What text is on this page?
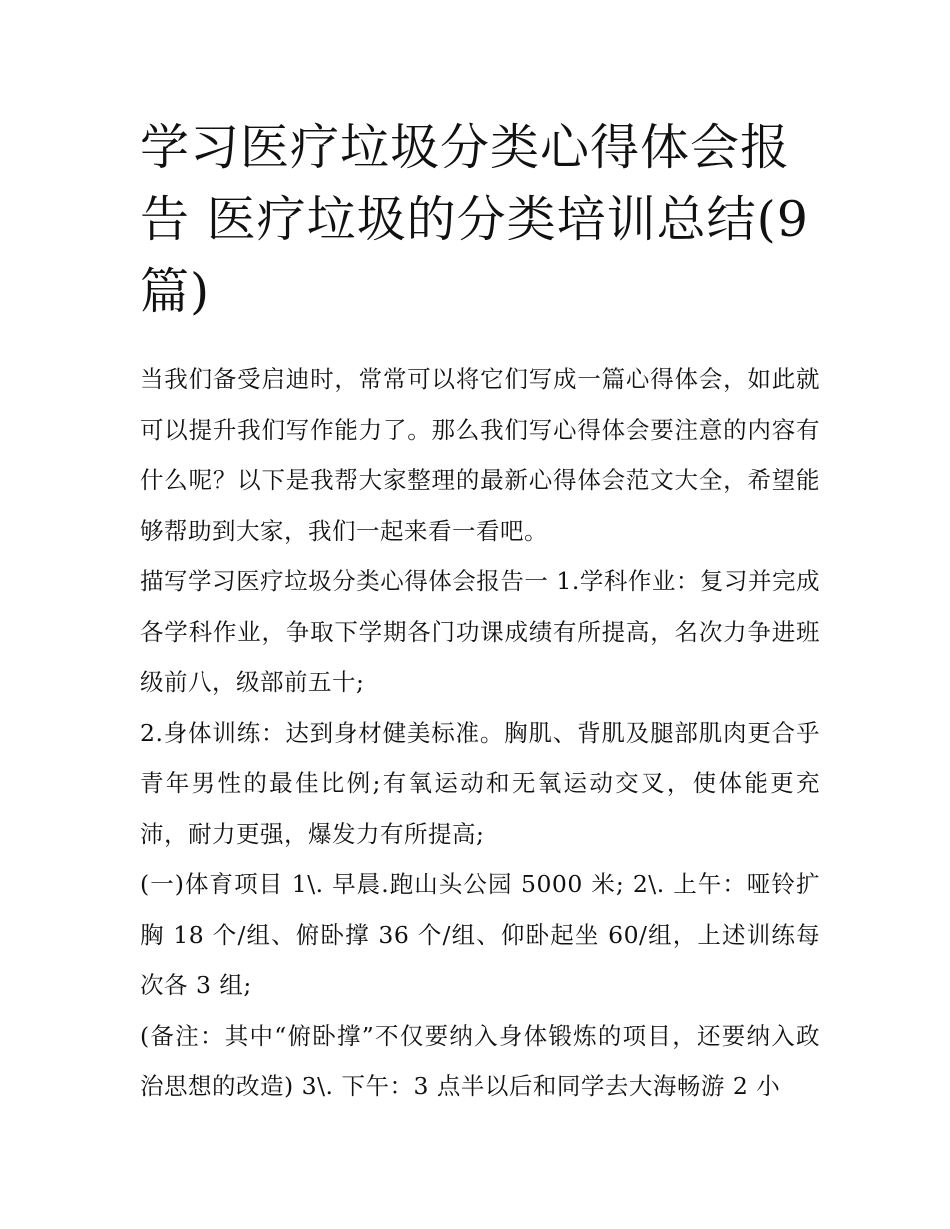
学习医疗垃圾分类心得体会报告 医疗垃圾的分类培训总结(9篇)

当我们备受启迪时，常常可以将它们写成一篇心得体会，如此就可以提升我们写作能力了。那么我们写心得体会要注意的内容有什么呢？以下是我帮大家整理的最新心得体会范文大全，希望能够帮助到大家，我们一起来看一看吧。

描写学习医疗垃圾分类心得体会报告一 1.学科作业：复习并完成各学科作业，争取下学期各门功课成绩有所提高，名次力争进班级前八，级部前五十;

2.身体训练：达到身材健美标准。胸肌、背肌及腿部肌肉更合乎青年男性的最佳比例;有氧运动和无氧运动交叉，使体能更充沛，耐力更强，爆发力有所提高;

(一)体育项目 1\. 早晨.跑山头公园 5000 米; 2\. 上午：哑铃扩胸 18 个/组、俯卧撑 36 个/组、仰卧起坐 60/组，上述训练每次各 3 组;

(备注：其中“俯卧撑”不仅要纳入身体锻炼的项目，还要纳入政治思想的改造) 3\. 下午：3 点半以后和同学去大海畅游 2 小
